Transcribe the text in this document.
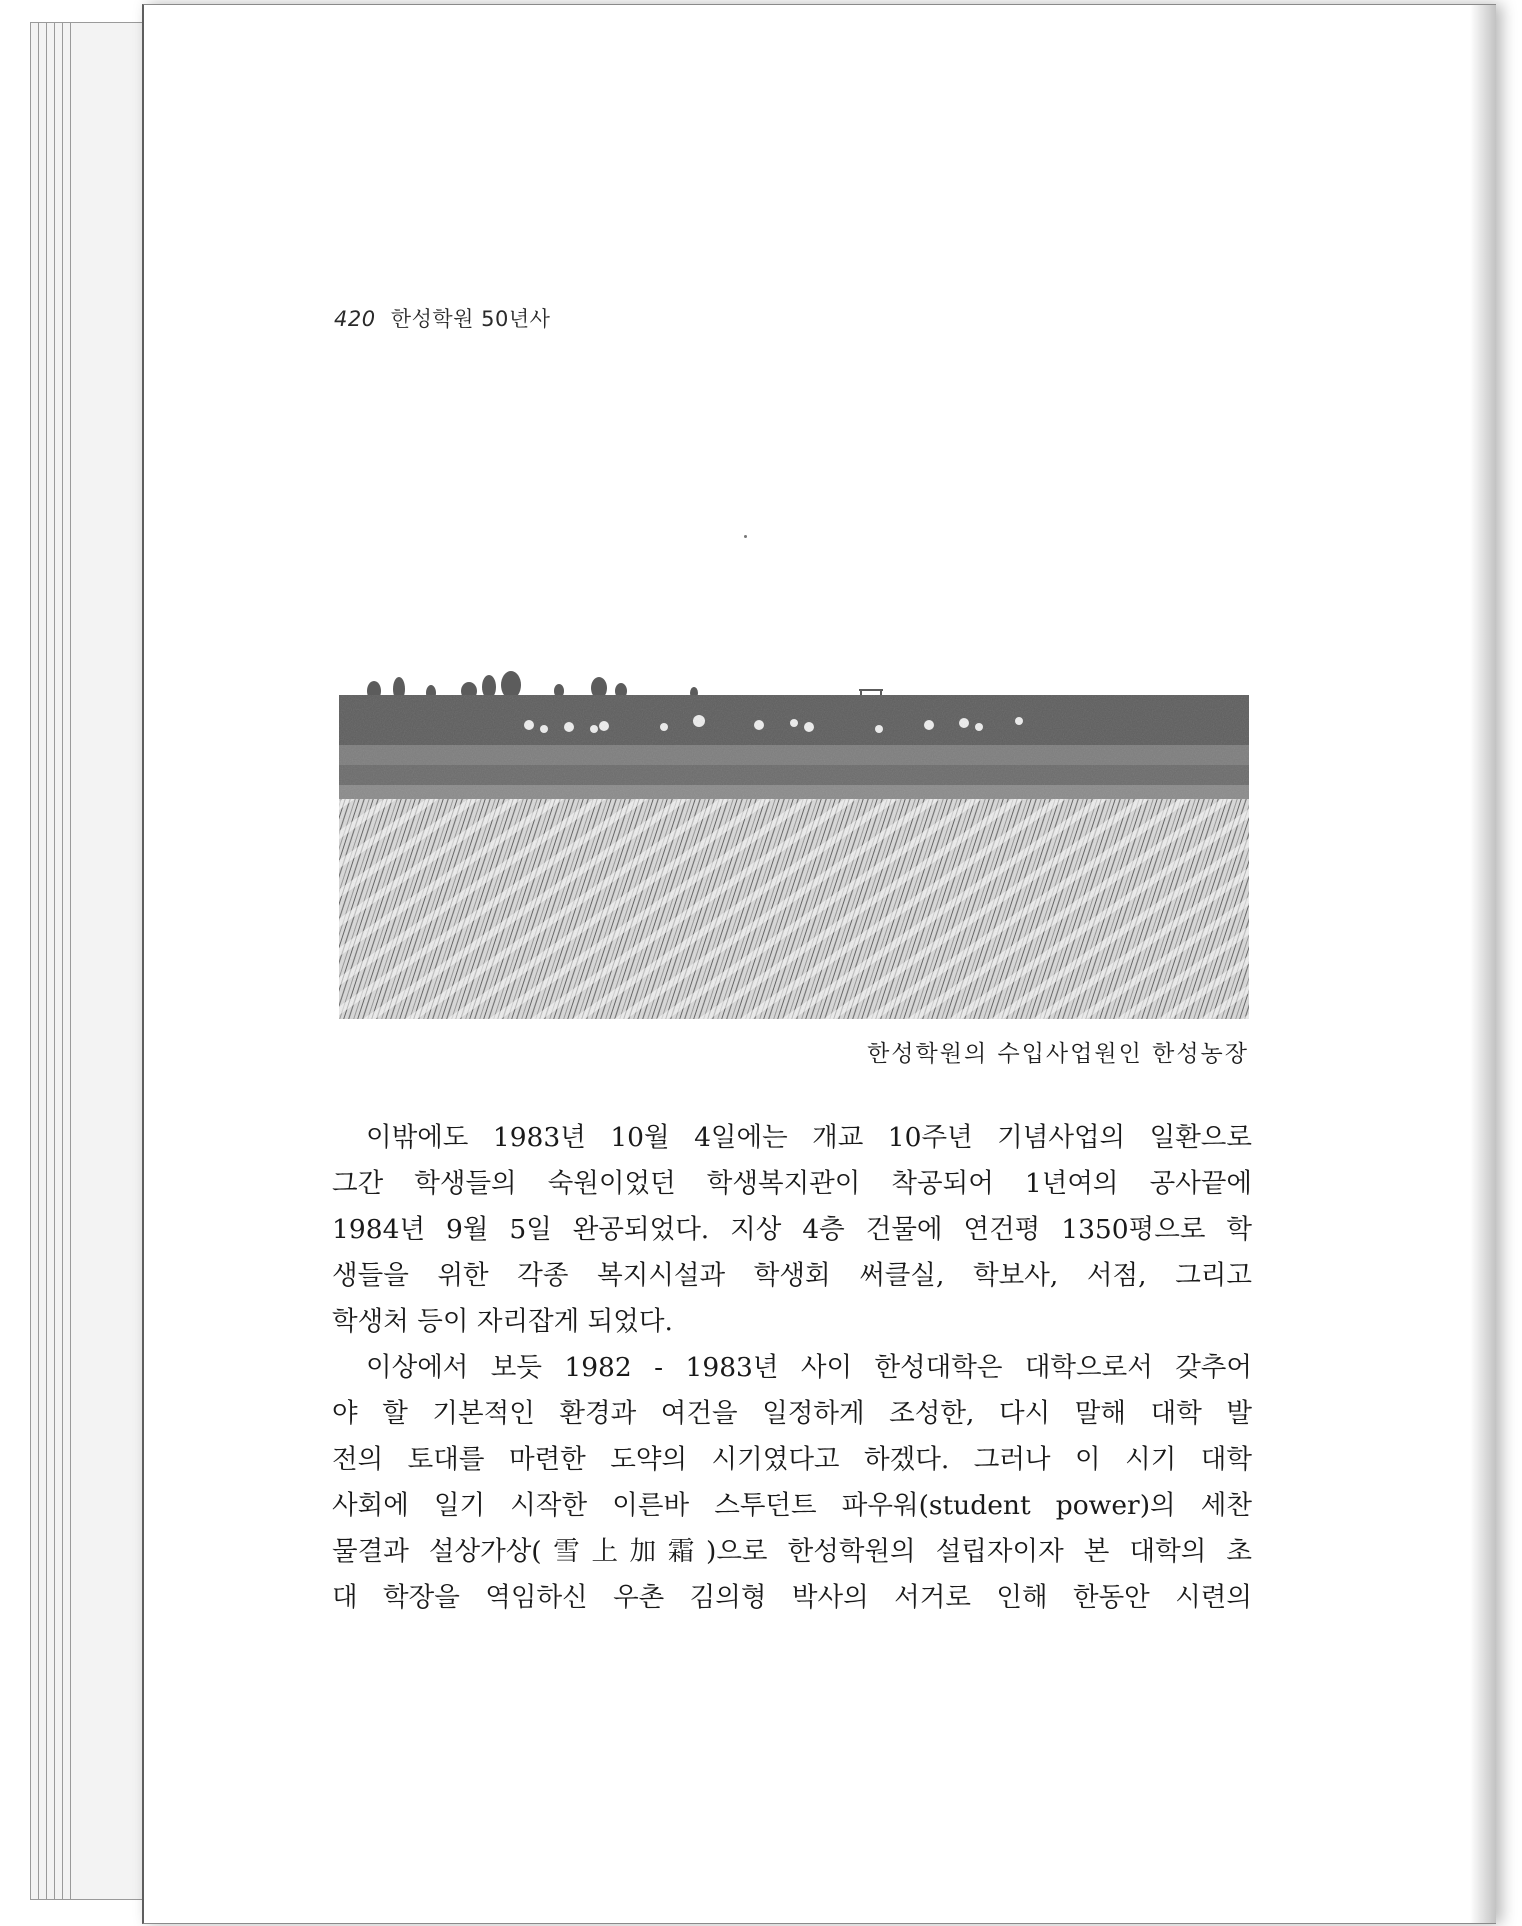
420 한성학원 50년사
한성학원의 수입사업원인 한성농장
이밖에도 1983년 10월 4일에는 개교 10주년 기념사업의 일환으로
그간 학생들의 숙원이었던 학생복지관이 착공되어 1년여의 공사끝에
1984년 9월 5일 완공되었다. 지상 4층 건물에 연건평 1350평으로 학
생들을 위한 각종 복지시설과 학생회 써클실, 학보사, 서점, 그리고
학생처 등이 자리잡게 되었다.
이상에서 보듯 1982 - 1983년 사이 한성대학은 대학으로서 갖추어
야 할 기본적인 환경과 여건을 일정하게 조성한, 다시 말해 대학 발
전의 토대를 마련한 도약의 시기였다고 하겠다. 그러나 이 시기 대학
사회에 일기 시작한 이른바 스투던트 파우워(student power)의 세찬
물결과 설상가상(雪上加霜)으로 한성학원의 설립자이자 본 대학의 초
대 학장을 역임하신 우촌 김의형 박사의 서거로 인해 한동안 시련의
